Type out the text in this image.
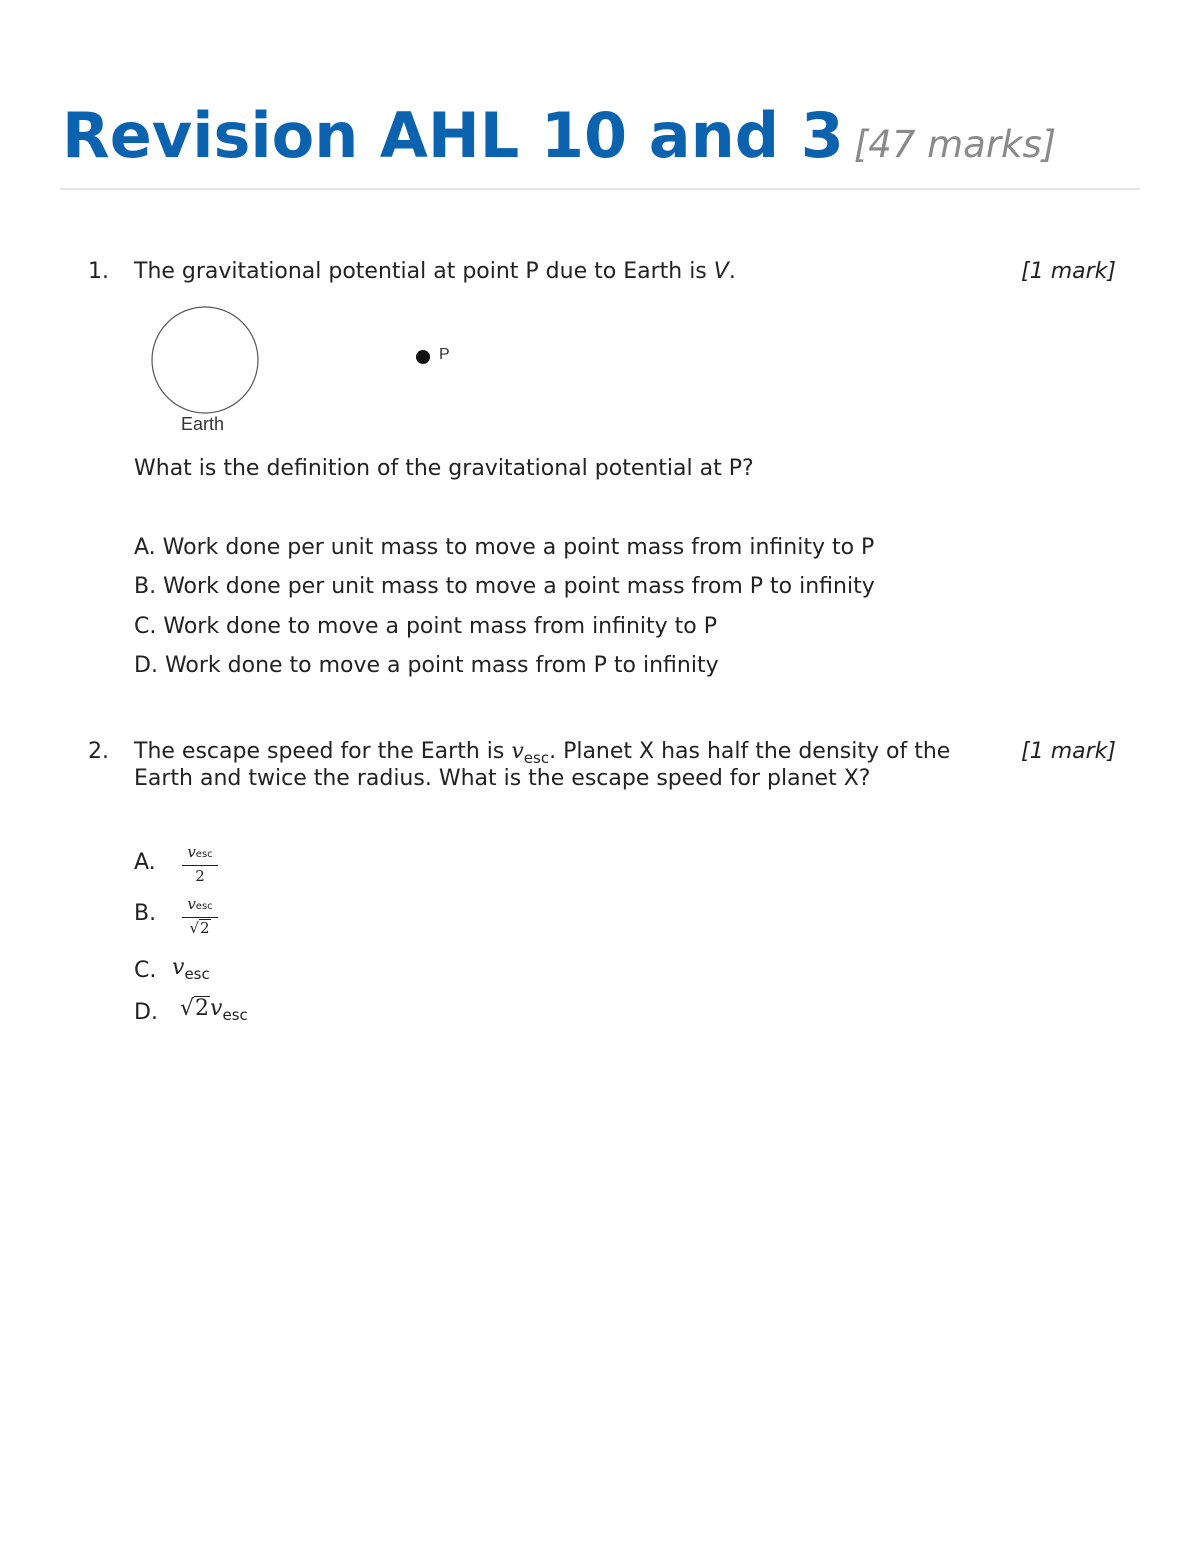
Revision AHL 10 and 3 [47 marks]
1. The gravitational potential at point P due to Earth is V.	[1 mark]
Earth
P
What is the definition of the gravitational potential at P?
A. Work done per unit mass to move a point mass from infinity to P
B. Work done per unit mass to move a point mass from P to infinity
C. Work done to move a point mass from infinity to P
D. Work done to move a point mass from P to infinity
2. The escape speed for the Earth is $v_{esc}$. Planet X has half the density of the
Earth and twice the radius. What is the escape speed for planet X?
[1 mark]
A.	vesc
2
B.	vesc
√2
C. $v_{esc}$
D. $√2v_{esc}$
